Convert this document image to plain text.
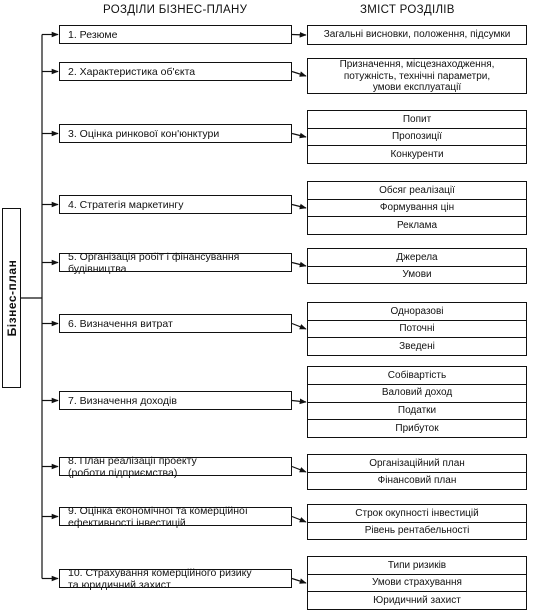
РОЗДІЛИ БІЗНЕС-ПЛАНУ	ЗМІСТ РОЗДІЛІВ
Бізнес-план
1. Резюме	Загальні висновки, положення, підсумки
2. Характеристика об'єкта
Призначення, місцезнаходження,
потужність, технічні параметри,
умови експлуатації
3. Оцінка ринкової кон'юнктури
Попит
Пропозиції
Конкуренти
4. Стратегія маркетингу
Обсяг реалізації
Формування цін
Реклама
5. Організація робіт і фінансування
будівництва
Джерела
Умови
6. Визначення витрат
Одноразові
Поточні
Зведені
7. Визначення доходів
Собівартість
Валовий доход
Податки
Прибуток
8. План реалізації проекту
(роботи підприємства)
Організаційний план
Фінансовий план
9. Оцінка економічної та комерційної
ефективності інвестицій
Строк окупності інвестицій
Рівень рентабельності
10. Страхування комерційного ризику
та юридичний захист
Типи ризиків
Умови страхування
Юридичний захист
